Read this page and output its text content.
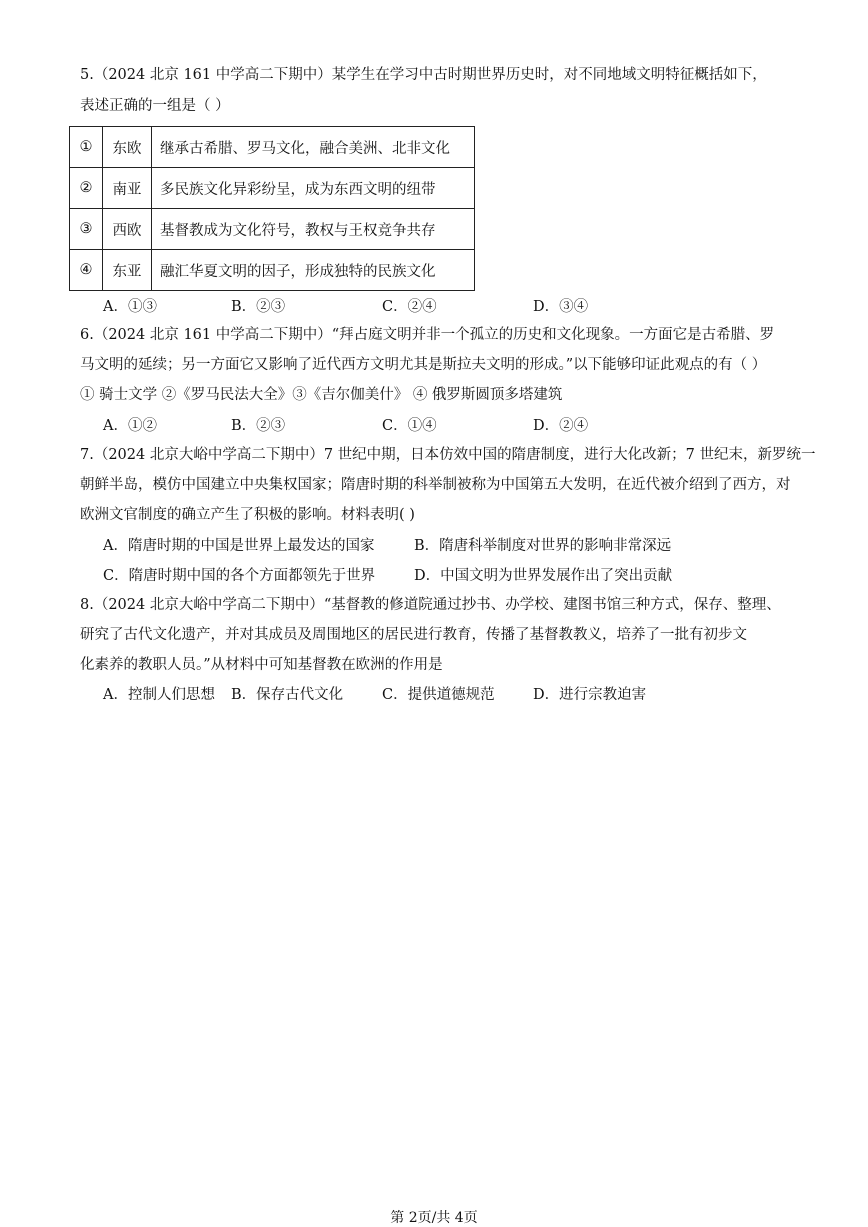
5.（2024 北京 161 中学高二下期中）某学生在学习中古时期世界历史时，对不同地域文明特征概括如下，
表述正确的一组是（ ）
①	东欧	继承古希腊、罗马文化，融合美洲、北非文化
②	南亚	多民族文化异彩纷呈，成为东西文明的纽带
③	西欧	基督教成为文化符号，教权与王权竞争共存
④	东亚	融汇华夏文明的因子，形成独特的民族文化
A．①③	B．②③	C．②④	D．③④
6.（2024 北京 161 中学高二下期中）“拜占庭文明并非一个孤立的历史和文化现象。一方面它是古希腊、罗
马文明的延续；另一方面它又影响了近代西方文明尤其是斯拉夫文明的形成。”以下能够印证此观点的有（ ）
① 骑士文学 ②《罗马民法大全》③《吉尔伽美什》 ④ 俄罗斯圆顶多塔建筑
A．①②	B．②③	C．①④	D．②④
7.（2024 北京大峪中学高二下期中）7 世纪中期，日本仿效中国的隋唐制度，进行大化改新；7 世纪末，新罗统一
朝鲜半岛，模仿中国建立中央集权国家；隋唐时期的科举制被称为中国第五大发明，在近代被介绍到了西方，对
欧洲文官制度的确立产生了积极的影响。材料表明( )
A．隋唐时期的中国是世界上最发达的国家	B．隋唐科举制度对世界的影响非常深远
C．隋唐时期中国的各个方面都领先于世界	D．中国文明为世界发展作出了突出贡献
8.（2024 北京大峪中学高二下期中）“基督教的修道院通过抄书、办学校、建图书馆三种方式，保存、整理、
研究了古代文化遗产，并对其成员及周围地区的居民进行教育，传播了基督教教义，培养了一批有初步文
化素养的教职人员。”从材料中可知基督教在欧洲的作用是
A．控制人们思想 B．保存古代文化	C．提供道德规范	D．进行宗教迫害
第 2页/共 4页
